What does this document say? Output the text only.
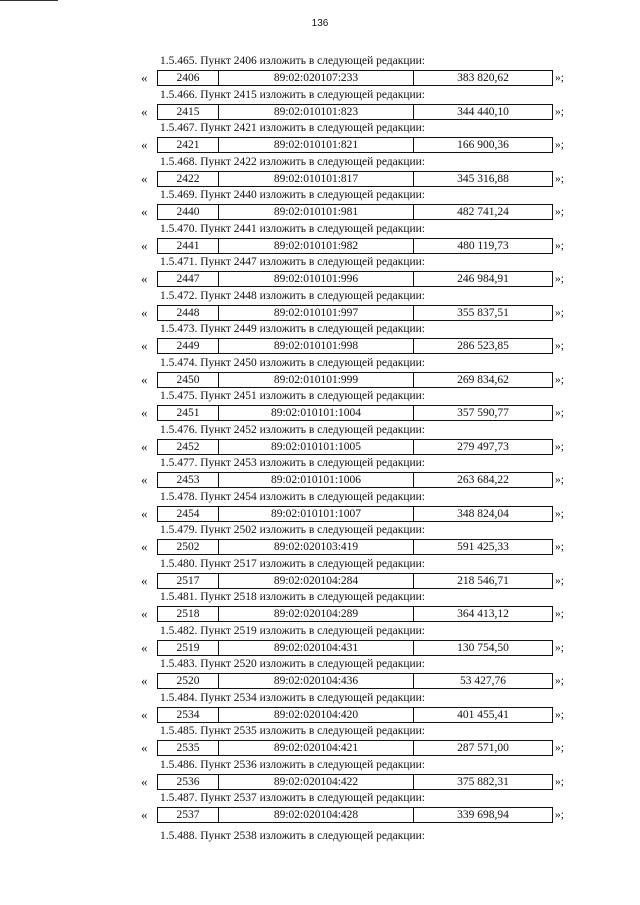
136
1.5.465. Пункт 2406 изложить в следующей редакции:
«	2406	89:02:020107:233	383 820,62	»;
1.5.466. Пункт 2415 изложить в следующей редакции:
«	2415	89:02:010101:823	344 440,10	»;
1.5.467. Пункт 2421 изложить в следующей редакции:
«	2421	89:02:010101:821	166 900,36	»;
1.5.468. Пункт 2422 изложить в следующей редакции:
«	2422	89:02:010101:817	345 316,88	»;
1.5.469. Пункт 2440 изложить в следующей редакции:
«	2440	89:02:010101:981	482 741,24	»;
1.5.470. Пункт 2441 изложить в следующей редакции:
«	2441	89:02:010101:982	480 119,73	»;
1.5.471. Пункт 2447 изложить в следующей редакции:
«	2447	89:02:010101:996	246 984,91	»;
1.5.472. Пункт 2448 изложить в следующей редакции:
«	2448	89:02:010101:997	355 837,51	»;
1.5.473. Пункт 2449 изложить в следующей редакции:
«	2449	89:02:010101:998	286 523,85	»;
1.5.474. Пункт 2450 изложить в следующей редакции:
«	2450	89:02:010101:999	269 834,62	»;
1.5.475. Пункт 2451 изложить в следующей редакции:
«	2451	89:02:010101:1004	357 590,77	»;
1.5.476. Пункт 2452 изложить в следующей редакции:
«	2452	89:02:010101:1005	279 497,73	»;
1.5.477. Пункт 2453 изложить в следующей редакции:
«	2453	89:02:010101:1006	263 684,22	»;
1.5.478. Пункт 2454 изложить в следующей редакции:
«	2454	89:02:010101:1007	348 824,04	»;
1.5.479. Пункт 2502 изложить в следующей редакции:
«	2502	89:02:020103:419	591 425,33	»;
1.5.480. Пункт 2517 изложить в следующей редакции:
«	2517	89:02:020104:284	218 546,71	»;
1.5.481. Пункт 2518 изложить в следующей редакции:
«	2518	89:02:020104:289	364 413,12	»;
1.5.482. Пункт 2519 изложить в следующей редакции:
«	2519	89:02:020104:431	130 754,50	»;
1.5.483. Пункт 2520 изложить в следующей редакции:
«	2520	89:02:020104:436	53 427,76	»;
1.5.484. Пункт 2534 изложить в следующей редакции:
«	2534	89:02:020104:420	401 455,41	»;
1.5.485. Пункт 2535 изложить в следующей редакции:
«	2535	89:02:020104:421	287 571,00	»;
1.5.486. Пункт 2536 изложить в следующей редакции:
«	2536	89:02:020104:422	375 882,31	»;
1.5.487. Пункт 2537 изложить в следующей редакции:
«	2537	89:02:020104:428	339 698,94	»;
1.5.488. Пункт 2538 изложить в следующей редакции:
